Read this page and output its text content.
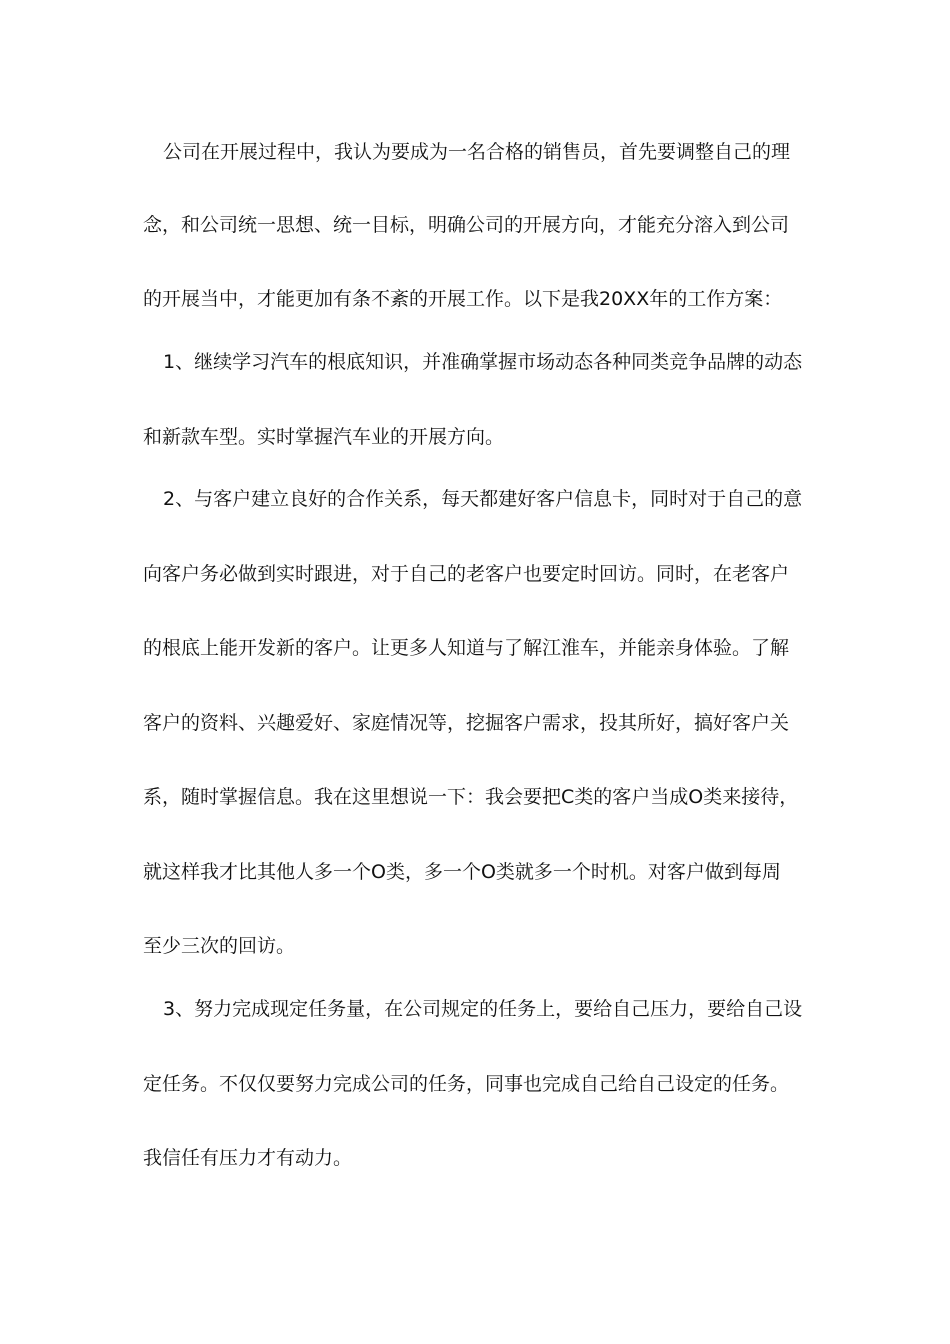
公司在开展过程中，我认为要成为一名合格的销售员，首先要调整自己的理
念，和公司统一思想、统一目标，明确公司的开展方向，才能充分溶入到公司
的开展当中，才能更加有条不紊的开展工作。以下是我20XX年的工作方案：
1、继续学习汽车的根底知识，并准确掌握市场动态各种同类竞争品牌的动态
和新款车型。实时掌握汽车业的开展方向。
2、与客户建立良好的合作关系，每天都建好客户信息卡，同时对于自己的意
向客户务必做到实时跟进，对于自己的老客户也要定时回访。同时，在老客户
的根底上能开发新的客户。让更多人知道与了解江淮车，并能亲身体验。了解
客户的资料、兴趣爱好、家庭情况等，挖掘客户需求，投其所好，搞好客户关
系，随时掌握信息。我在这里想说一下：我会要把C类的客户当成O类来接待，
就这样我才比其他人多一个O类，多一个O类就多一个时机。对客户做到每周
至少三次的回访。
3、努力完成现定任务量，在公司规定的任务上，要给自己压力，要给自己设
定任务。不仅仅要努力完成公司的任务，同事也完成自己给自己设定的任务。
我信任有压力才有动力。
